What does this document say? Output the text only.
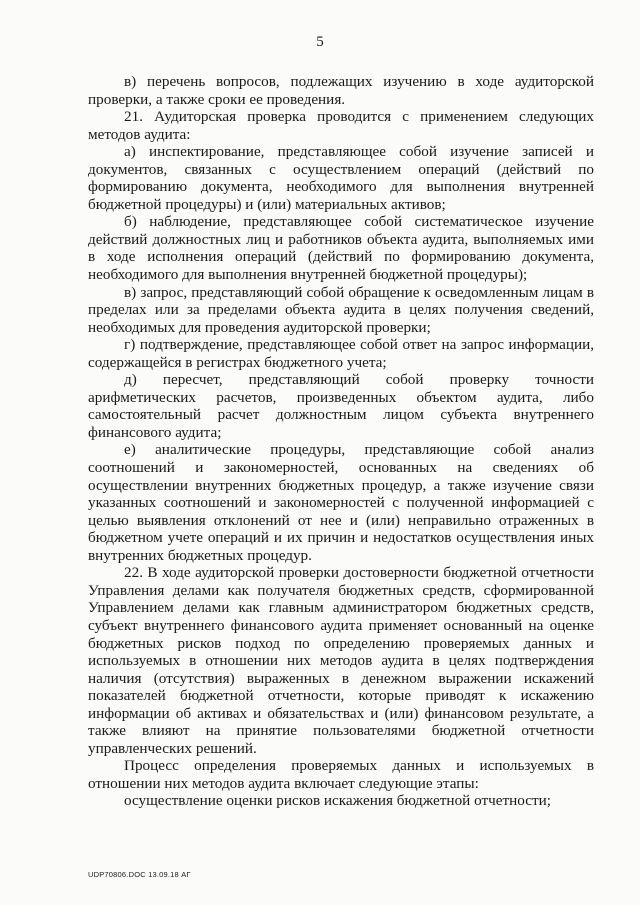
5

в) перечень вопросов, подлежащих изучению в ходе аудиторской проверки, а также сроки ее проведения.

21. Аудиторская проверка проводится с применением следующих методов аудита:

а) инспектирование, представляющее собой изучение записей и документов, связанных с осуществлением операций (действий по формированию документа, необходимого для выполнения внутренней бюджетной процедуры) и (или) материальных активов;

б) наблюдение, представляющее собой систематическое изучение действий должностных лиц и работников объекта аудита, выполняемых ими в ходе исполнения операций (действий по формированию документа, необходимого для выполнения внутренней бюджетной процедуры);

в) запрос, представляющий собой обращение к осведомленным лицам в пределах или за пределами объекта аудита в целях получения сведений, необходимых для проведения аудиторской проверки;

г) подтверждение, представляющее собой ответ на запрос информации, содержащейся в регистрах бюджетного учета;

д) пересчет, представляющий собой проверку точности арифметических расчетов, произведенных объектом аудита, либо самостоятельный расчет должностным лицом субъекта внутреннего финансового аудита;

е) аналитические процедуры, представляющие собой анализ соотношений и закономерностей, основанных на сведениях об осуществлении внутренних бюджетных процедур, а также изучение связи указанных соотношений и закономерностей с полученной информацией с целью выявления отклонений от нее и (или) неправильно отраженных в бюджетном учете операций и их причин и недостатков осуществления иных внутренних бюджетных процедур.

22. В ходе аудиторской проверки достоверности бюджетной отчетности Управления делами как получателя бюджетных средств, сформированной Управлением делами как главным администратором бюджетных средств, субъект внутреннего финансового аудита применяет основанный на оценке бюджетных рисков подход по определению проверяемых данных и используемых в отношении них методов аудита в целях подтверждения наличия (отсутствия) выраженных в денежном выражении искажений показателей бюджетной отчетности, которые приводят к искажению информации об активах и обязательствах и (или) финансовом результате, а также влияют на принятие пользователями бюджетной отчетности управленческих решений.

Процесс определения проверяемых данных и используемых в отношении них методов аудита включает следующие этапы:

осуществление оценки рисков искажения бюджетной отчетности;

UDP70806.DOC 13.09.18 АГ
